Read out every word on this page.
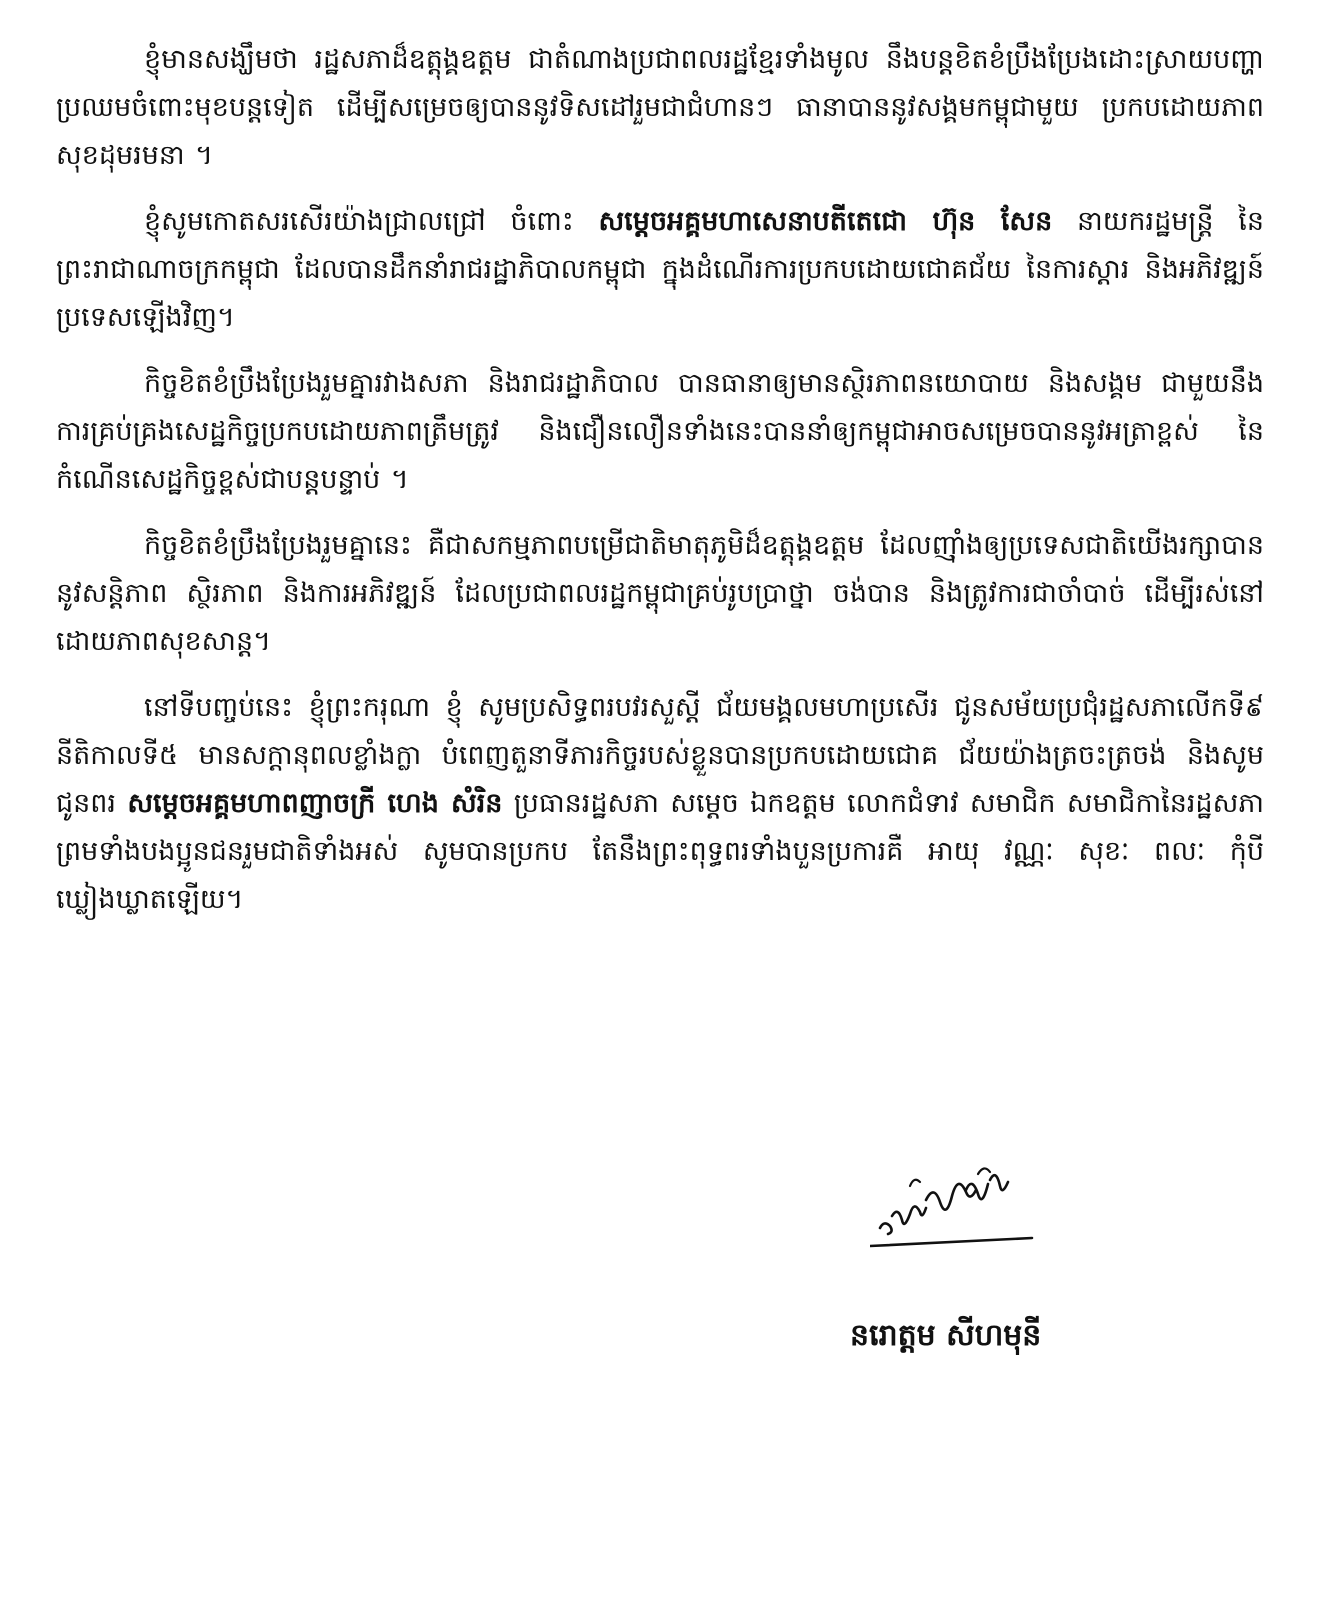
ខ្ញុំមានសង្ឃឹមថា រដ្ឋសភាដ៏ឧត្តុង្គឧត្តម ជាតំណាងប្រជាពលរដ្ឋខ្មែរទាំងមូល នឹងបន្តខិតខំប្រឹងប្រែងដោះស្រាយបញ្ហាប្រឈមចំពោះមុខបន្តទៀត ដើម្បីសម្រេចឲ្យបាននូវទិសដៅរួមជាជំហានៗ ធានាបាននូវសង្គមកម្ពុជាមួយ ប្រកបដោយភាពសុខដុមរមនា ។

ខ្ញុំសូមកោតសរសើរយ៉ាងជ្រាលជ្រៅ ចំពោះ សម្តេចអគ្គមហាសេនាបតីតេជោ ហ៊ុន សែន នាយករដ្ឋមន្ត្រី នៃព្រះរាជាណាចក្រកម្ពុជា ដែលបានដឹកនាំរាជរដ្ឋាភិបាលកម្ពុជា ក្នុងដំណើរការប្រកបដោយជោគជ័យ នៃការស្តារ និងអភិវឌ្ឍន៍ប្រទេសឡើងវិញ។

កិច្ចខិតខំប្រឹងប្រែងរួមគ្នារវាងសភា និងរាជរដ្ឋាភិបាល បានធានាឲ្យមានស្ថិរភាពនយោបាយ និងសង្គម ជាមួយនឹងការគ្រប់គ្រងសេដ្ឋកិច្ចប្រកបដោយភាពត្រឹមត្រូវ និងជឿនលឿនទាំងនេះបាននាំឲ្យកម្ពុជាអាចសម្រេចបាននូវអត្រាខ្ពស់ នៃកំណើនសេដ្ឋកិច្ចខ្ពស់ជាបន្តបន្ទាប់ ។

កិច្ចខិតខំប្រឹងប្រែងរួមគ្នានេះ គឺជាសកម្មភាពបម្រើជាតិមាតុភូមិដ៏ឧត្តុង្គឧត្តម ដែលញ៉ាំងឲ្យប្រទេសជាតិយើងរក្សាបាននូវសន្តិភាព ស្ថិរភាព និងការអភិវឌ្ឍន៍ ដែលប្រជាពលរដ្ឋកម្ពុជាគ្រប់រូបប្រាថ្នា ចង់បាន និងត្រូវការជាចាំបាច់ ដើម្បីរស់នៅដោយភាពសុខសាន្ត។

នៅទីបញ្ចប់នេះ ខ្ញុំព្រះករុណា ខ្ញុំ សូមប្រសិទ្ធពរបវរសួស្តី ជ័យមង្គលមហាប្រសើរ ជូនសម័យប្រជុំរដ្ឋសភាលើកទី៩ នីតិកាលទី៥ មានសក្តានុពលខ្លាំងក្លា បំពេញតួនាទីភារកិច្ចរបស់ខ្លួនបានប្រកបដោយជោគ ជ័យយ៉ាងត្រចះត្រចង់ និងសូមជូនពរ សម្តេចអគ្គមហាពញាចក្រី ហេង សំរិន ប្រធានរដ្ឋសភា សម្តេច ឯកឧត្តម លោកជំទាវ សមាជិក សមាជិកានៃរដ្ឋសភា ព្រមទាំងបងប្អូនជនរួមជាតិទាំងអស់ សូមបានប្រកប តែនឹងព្រះពុទ្ធពរទាំងបួនប្រការគឺ អាយុ វណ្ណៈ សុខៈ ពលៈ កុំបីឃ្លៀងឃ្លាតឡើយ។

នរោត្តម សីហមុនី
